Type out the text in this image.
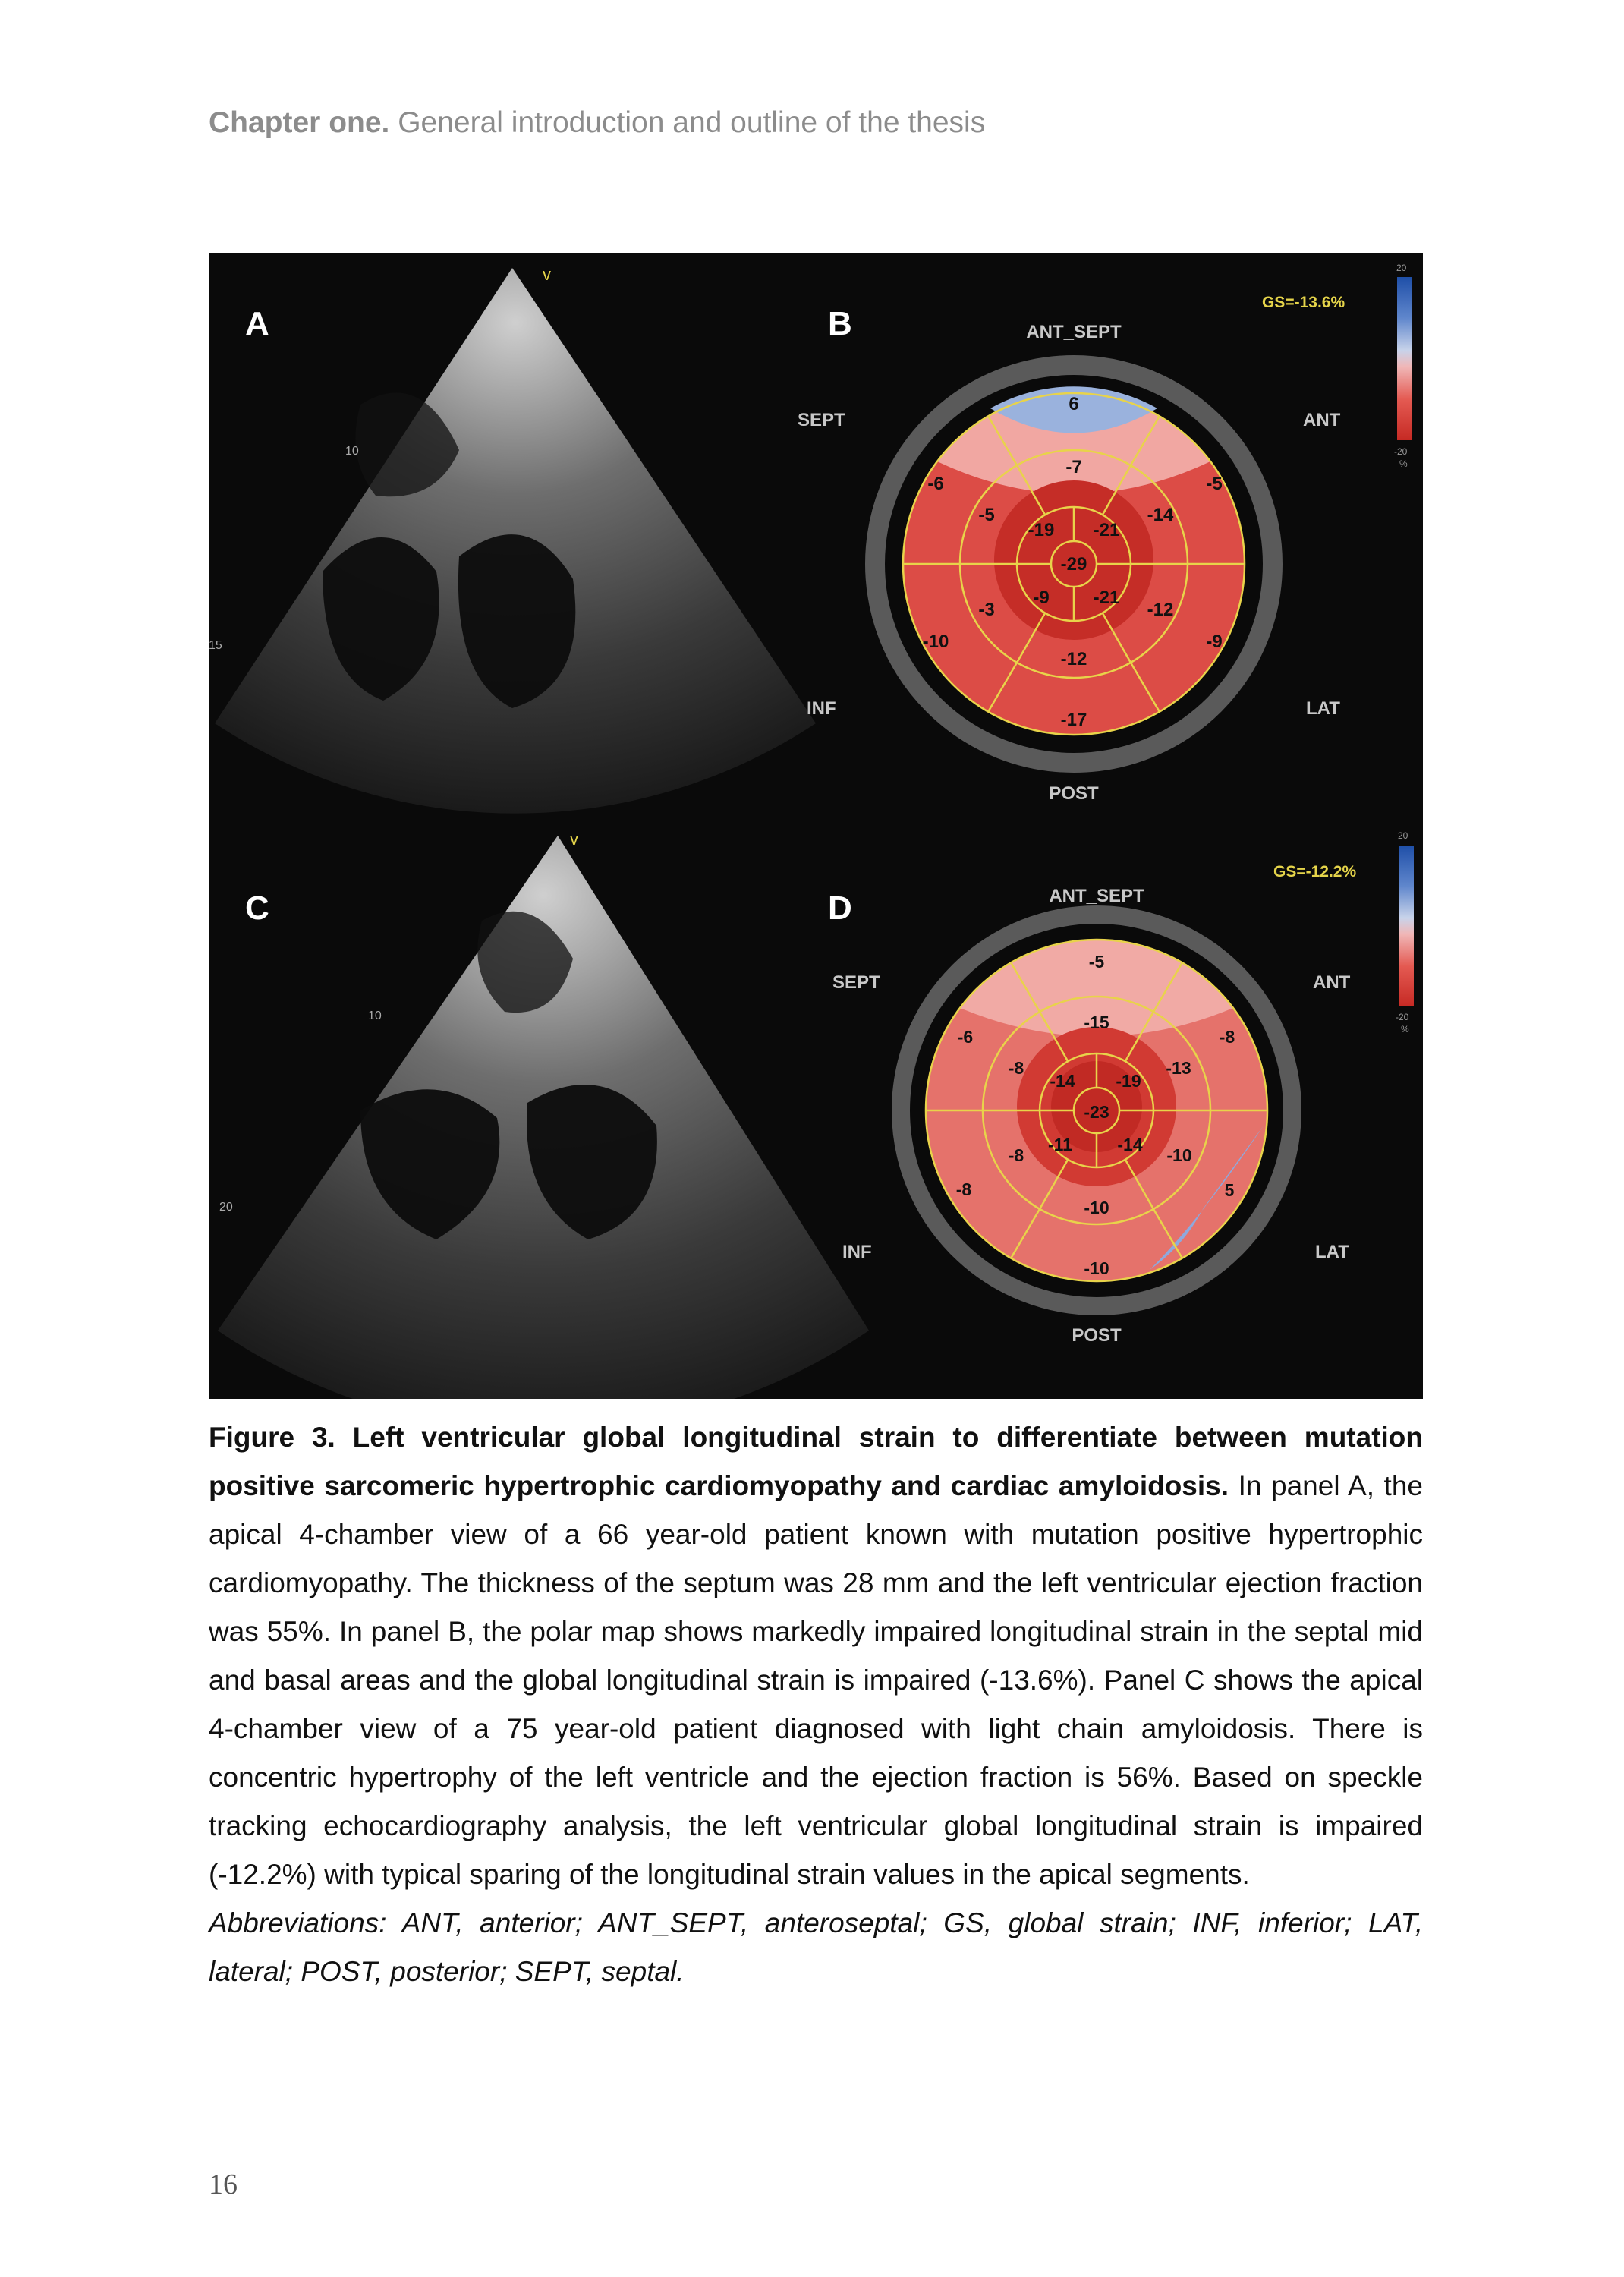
Chapter one. General introduction and outline of the thesis
A
10
15
v
C
10
20
v
B
6
-5
-9
-17
-10
-6
-7
-14
-12
-12
-3
-5
-21
-21
-9
-19
-29
ANT_SEPT
SEPT	ANT
INF	LAT
POST
GS=-13.6%
20
-20
%
D
-5
-8
5
-10
-8
-6
-15
-13
-10
-10
-8
-8
-19
-14
-11
-14
-23
ANT_SEPT
SEPT	ANT
INF	LAT
POST
GS=-12.2%
20
-20
%

Figure 3. Left ventricular global longitudinal strain to differentiate between mutation positive sarcomeric hypertrophic cardiomyopathy and cardiac amyloidosis. In panel A, the apical 4-chamber view of a 66 year-old patient known with mutation positive hypertrophic cardiomyopathy. The thickness of the septum was 28 mm and the left ventricular ejection fraction was 55%. In panel B, the polar map shows markedly impaired longitudinal strain in the septal mid and basal areas and the global longitudinal strain is impaired (-13.6%). Panel C shows the apical 4-chamber view of a 75 year-old patient diagnosed with light chain amyloidosis. There is concentric hypertrophy of the left ventricle and the ejection fraction is 56%. Based on speckle tracking echocardiography analysis, the left ventricular global longitudinal strain is impaired (-12.2%) with typical sparing of the longitudinal strain values in the apical segments.

Abbreviations: ANT, anterior; ANT_SEPT, anteroseptal; GS, global strain; INF, inferior; LAT, lateral; POST, posterior; SEPT, septal.

16
